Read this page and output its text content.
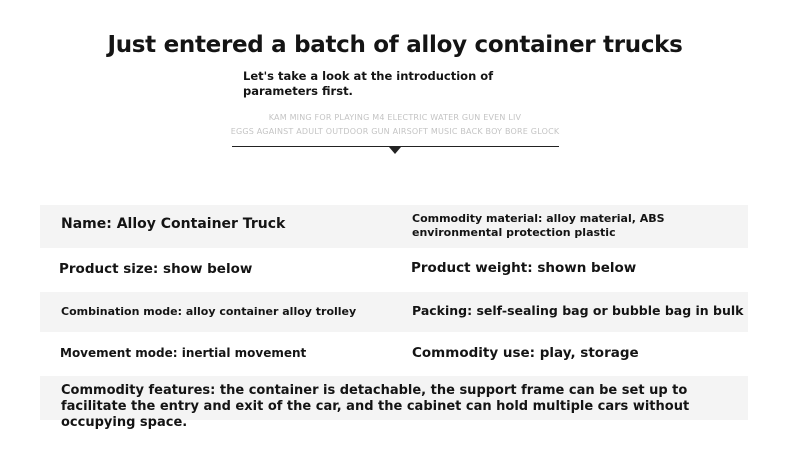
Just entered a batch of alloy container trucks
Let's take a look at the introduction of parameters first.
KAM MING FOR PLAYING M4 ELECTRIC WATER GUN EVEN LIV
EGGS AGAINST ADULT OUTDOOR GUN AIRSOFT MUSIC BACK BOY BORE GLOCK
Name: Alloy Container Truck	Commodity material: alloy material, ABS environmental protection plastic
Product size: show below	Product weight: shown below
Combination mode: alloy container alloy trolley	Packing: self-sealing bag or bubble bag in bulk
Movement mode: inertial movement	Commodity use: play, storage
Commodity features: the container is detachable, the support frame can be set up to facilitate the entry and exit of the car, and the cabinet can hold multiple cars without occupying space.
